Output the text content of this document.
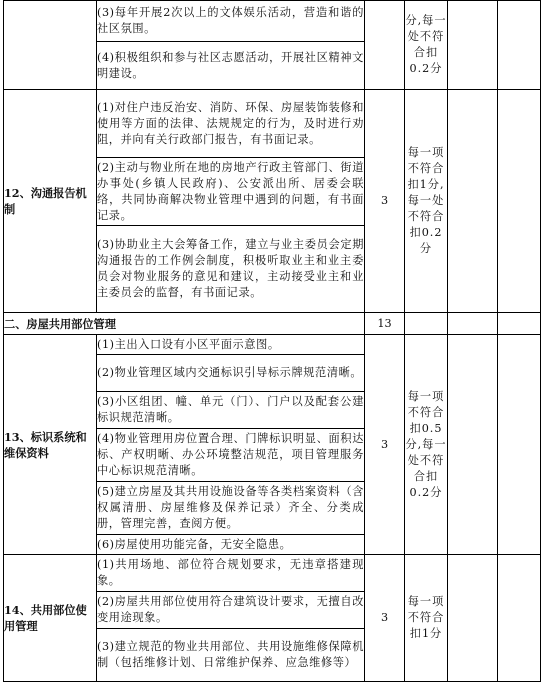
	(3)每年开展2次以上的文体娱乐活动，营造和谐的社区氛围。		分,每一处不符合扣0.2分		
	(4)积极组织和参与社区志愿活动，开展社区精神文明建设。				
12、沟通报告机制	(1)对住户违反治安、消防、环保、房屋装饰装修和使用等方面的法律、法规规定的行为，及时进行劝阻，并向有关行政部门报告，有书面记录。	3	每一项不符合扣1分,每一处不符合扣0.2分		
	(2)主动与物业所在地的房地产行政主管部门、街道办事处(乡镇人民政府)、公安派出所、居委会联络，共同协商解决物业管理中遇到的问题，有书面记录。				
	(3)协助业主大会筹备工作，建立与业主委员会定期沟通报告的工作例会制度，积极听取业主和业主委员会对物业服务的意见和建议，主动接受业主和业主委员会的监督，有书面记录。				
二、房屋共用部位管理		13			
13、标识系统和维保资料	(1)主出入口设有小区平面示意图。	3	每一项不符合扣0.5分,每一处不符合扣0.2分		
	(2)物业管理区域内交通标识引导标示牌规范清晰。				
	(3)小区组团、幢、单元（门）、门户以及配套公建标识规范清晰。				
	(4)物业管理用房位置合理、门牌标识明显、面积达标、产权明晰、办公环境整洁规范，项目管理服务中心标识规范清晰。				
	(5)建立房屋及其共用设施设备等各类档案资料（含权属清册、房屋维修及保养记录）齐全、分类成册，管理完善，查阅方便。				
	(6)房屋使用功能完备，无安全隐患。				
14、共用部位使用管理	(1)共用场地、部位符合规划要求，无违章搭建现象。	3	每一项不符合扣1分		
	(2)房屋共用部位使用符合建筑设计要求，无擅自改变用途现象。				
	(3)建立规范的物业共用部位、共用设施维修保障机制（包括维修计划、日常维护保养、应急维修等）				
